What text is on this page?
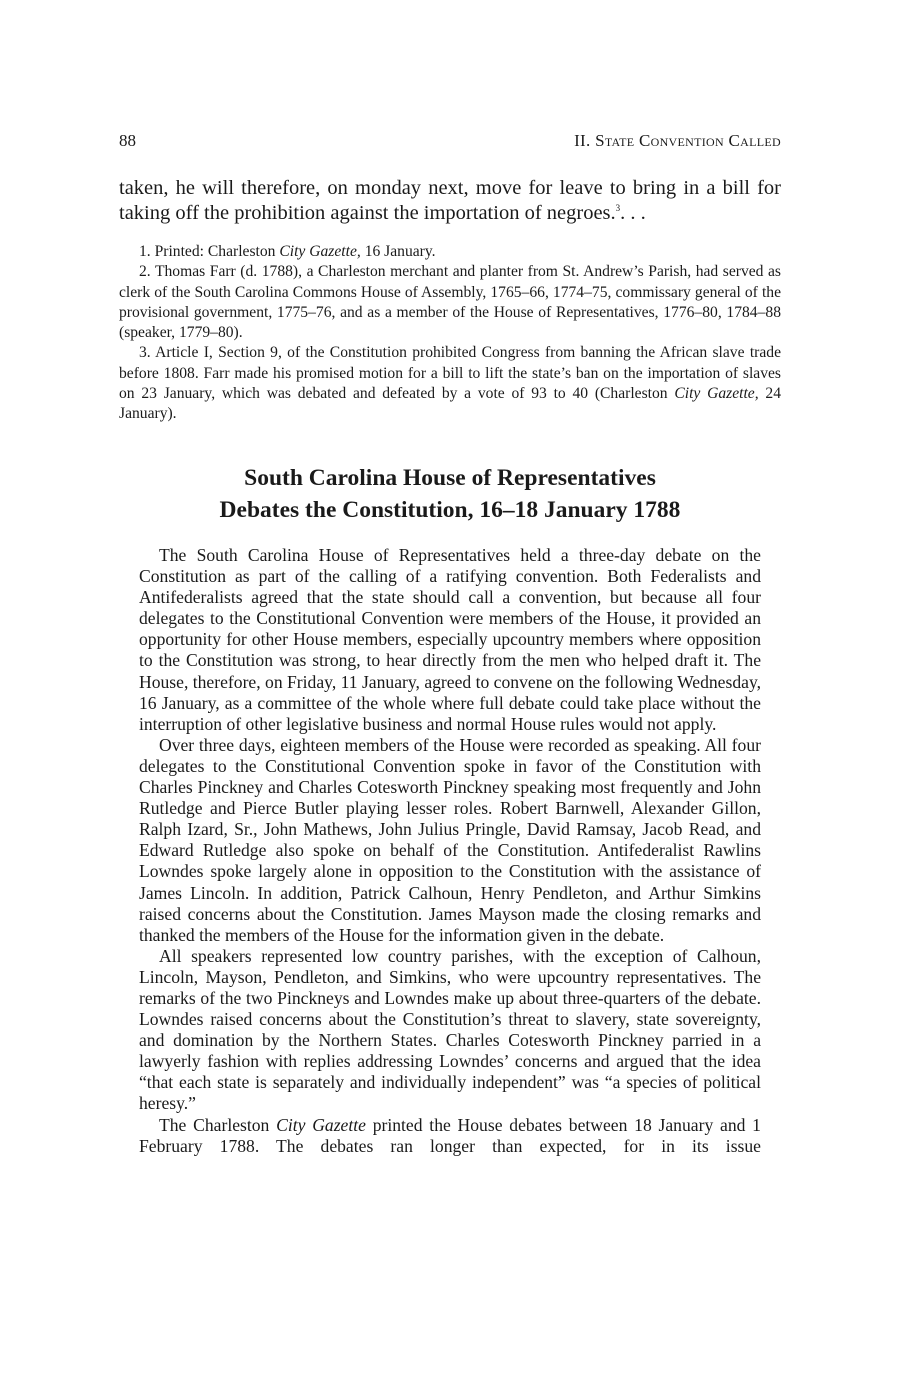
88	II. State Convention Called

taken, he will therefore, on monday next, move for leave to bring in a bill for taking off the prohibition against the importation of negroes.$^3$. . .

1. Printed: Charleston City Gazette, 16 January.

2. Thomas Farr (d. 1788), a Charleston merchant and planter from St. Andrew’s Parish, had served as clerk of the South Carolina Commons House of Assembly, 1765–66, 1774–75, commissary general of the provisional government, 1775–76, and as a member of the House of Representatives, 1776–80, 1784–88 (speaker, 1779–80).

3. Article I, Section 9, of the Constitution prohibited Congress from banning the African slave trade before 1808. Farr made his promised motion for a bill to lift the state’s ban on the importation of slaves on 23 January, which was debated and defeated by a vote of 93 to 40 (Charleston City Gazette, 24 January).

South Carolina House of Representatives
Debates the Constitution, 16–18 January 1788

The South Carolina House of Representatives held a three-day debate on the Constitution as part of the calling of a ratifying convention. Both Federalists and Antifederalists agreed that the state should call a convention, but because all four delegates to the Constitutional Convention were members of the House, it provided an opportunity for other House members, especially upcountry members where opposition to the Constitution was strong, to hear directly from the men who helped draft it. The House, therefore, on Friday, 11 January, agreed to convene on the following Wednesday, 16 January, as a committee of the whole where full debate could take place without the interruption of other legislative business and normal House rules would not apply.

Over three days, eighteen members of the House were recorded as speaking. All four delegates to the Constitutional Convention spoke in favor of the Constitution with Charles Pinckney and Charles Cotesworth Pinckney speaking most frequently and John Rutledge and Pierce Butler playing lesser roles. Robert Barnwell, Alexander Gillon, Ralph Izard, Sr., John Mathews, John Julius Pringle, David Ramsay, Jacob Read, and Edward Rutledge also spoke on behalf of the Constitution. Antifederalist Rawlins Lowndes spoke largely alone in opposition to the Constitution with the assistance of James Lincoln. In addition, Patrick Calhoun, Henry Pendleton, and Arthur Simkins raised concerns about the Constitution. James Mayson made the closing remarks and thanked the members of the House for the information given in the debate.

All speakers represented low country parishes, with the exception of Calhoun, Lincoln, Mayson, Pendleton, and Simkins, who were upcountry representatives. The remarks of the two Pinckneys and Lowndes make up about three-quarters of the debate. Lowndes raised concerns about the Constitution’s threat to slavery, state sovereignty, and domination by the Northern States. Charles Cotesworth Pinckney parried in a lawyerly fashion with replies addressing Lowndes’ concerns and argued that the idea “that each state is separately and individually independent” was “a species of political heresy.”

The Charleston City Gazette printed the House debates between 18 January and 1 February 1788. The debates ran longer than expected, for in its issue
